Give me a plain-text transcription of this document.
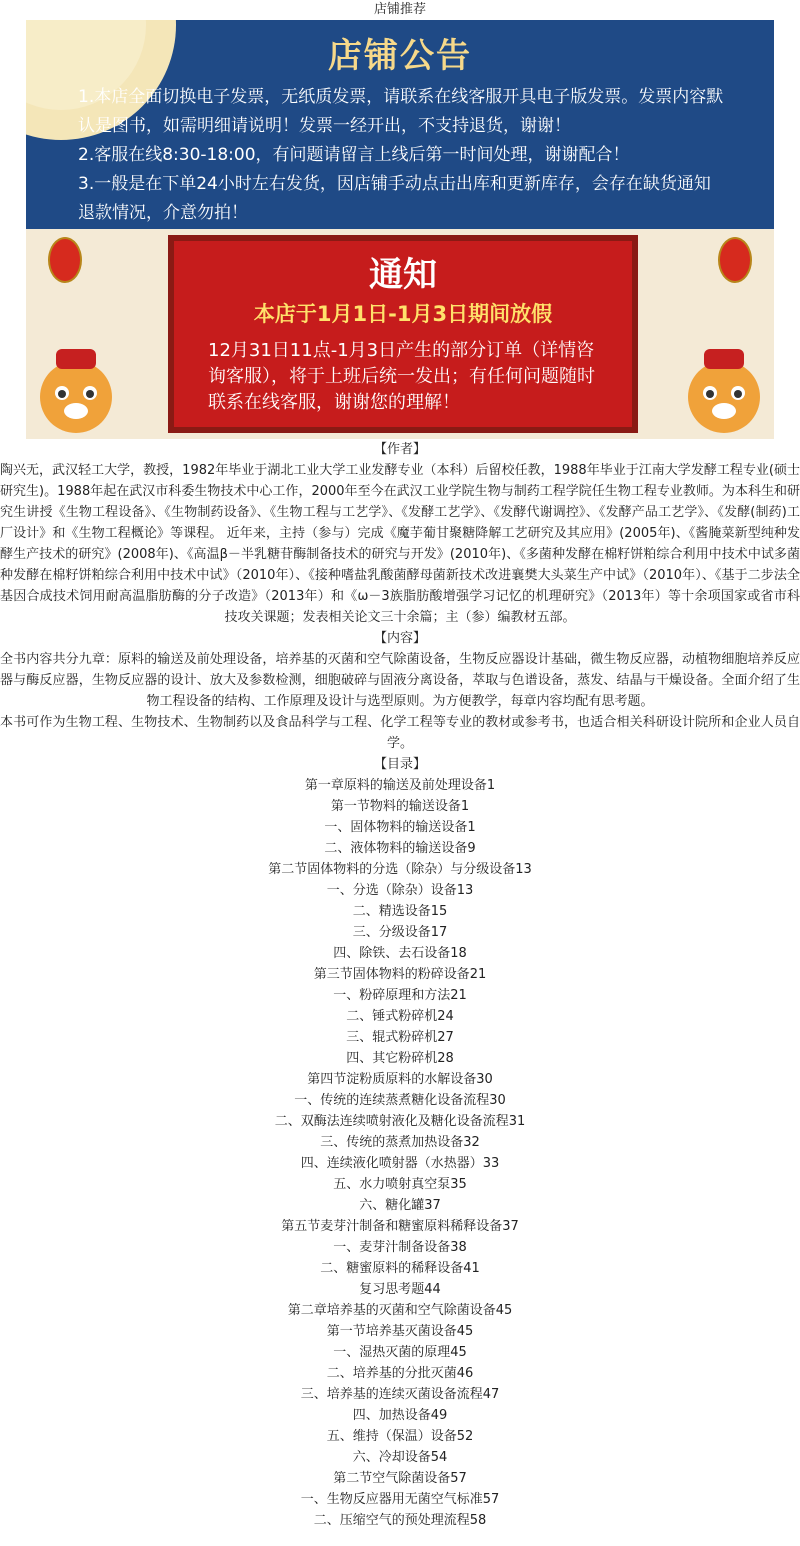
店铺推荐
店铺公告

1.本店全面切换电子发票，无纸质发票，请联系在线客服开具电子版发票。发票内容默认是图书，如需明细请说明！发票一经开出，不支持退货，谢谢！

2.客服在线8:30-18:00，有问题请留言上线后第一时间处理，谢谢配合！

3.一般是在下单24小时左右发货，因店铺手动点击出库和更新库存，会存在缺货通知退款情况，介意勿拍！

通知
本店于1月1日-1月3日期间放假
12月31日11点-1月3日产生的部分订单（详情咨询客服），将于上班后统一发出；有任何问题随时联系在线客服，谢谢您的理解！

【作者】

陶兴无，武汉轻工大学，教授，1982年毕业于湖北工业大学工业发酵专业（本科）后留校任教，1988年毕业于江南大学发酵工程专业(硕士研究生)。1988年起在武汉市科委生物技术中心工作，2000年至今在武汉工业学院生物与制药工程学院任生物工程专业教师。为本科生和研究生讲授《生物工程设备》、《生物制药设备》、《生物工程与工艺学》、《发酵工艺学》、《发酵代谢调控》、《发酵产品工艺学》、《发酵(制药)工厂设计》和《生物工程概论》等课程。 近年来，主持（参与）完成《魔芋葡甘聚糖降解工艺研究及其应用》(2005年)、《酱腌菜新型纯种发酵生产技术的研究》(2008年)、《高温β－半乳糖苷酶制备技术的研究与开发》(2010年)、《多菌种发酵在棉籽饼粕综合利用中技术中试多菌种发酵在棉籽饼粕综合利用中技术中试》（2010年）、《接种嗜盐乳酸菌酵母菌新技术改进襄樊大头菜生产中试》（2010年）、《基于二步法全基因合成技术饲用耐高温脂肪酶的分子改造》（2013年）和《ω－3族脂肪酸增强学习记忆的机理研究》（2013年）等十余项国家或省市科技攻关课题；发表相关论文三十余篇；主（参）编教材五部。

【内容】

全书内容共分九章：原料的输送及前处理设备，培养基的灭菌和空气除菌设备，生物反应器设计基础，微生物反应器，动植物细胞培养反应器与酶反应器，生物反应器的设计、放大及参数检测，细胞破碎与固液分离设备，萃取与色谱设备，蒸发、结晶与干燥设备。全面介绍了生物工程设备的结构、工作原理及设计与选型原则。为方便教学，每章内容均配有思考题。

本书可作为生物工程、生物技术、生物制药以及食品科学与工程、化学工程等专业的教材或参考书，也适合相关科研设计院所和企业人员自学。

【目录】

第一章原料的输送及前处理设备1
第一节物料的输送设备1
一、固体物料的输送设备1
二、液体物料的输送设备9
第二节固体物料的分选（除杂）与分级设备13
一、分选（除杂）设备13
二、精选设备15
三、分级设备17
四、除铁、去石设备18
第三节固体物料的粉碎设备21
一、粉碎原理和方法21
二、锤式粉碎机24
三、辊式粉碎机27
四、其它粉碎机28
第四节淀粉质原料的水解设备30
一、传统的连续蒸煮糖化设备流程30
二、双酶法连续喷射液化及糖化设备流程31
三、传统的蒸煮加热设备32
四、连续液化喷射器（水热器）33
五、水力喷射真空泵35
六、糖化罐37
第五节麦芽汁制备和糖蜜原料稀释设备37
一、麦芽汁制备设备38
二、糖蜜原料的稀释设备41
复习思考题44
第二章培养基的灭菌和空气除菌设备45
第一节培养基灭菌设备45
一、湿热灭菌的原理45
二、培养基的分批灭菌46
三、培养基的连续灭菌设备流程47
四、加热设备49
五、维持（保温）设备52
六、冷却设备54
第二节空气除菌设备57
一、生物反应器用无菌空气标准57
二、压缩空气的预处理流程58
